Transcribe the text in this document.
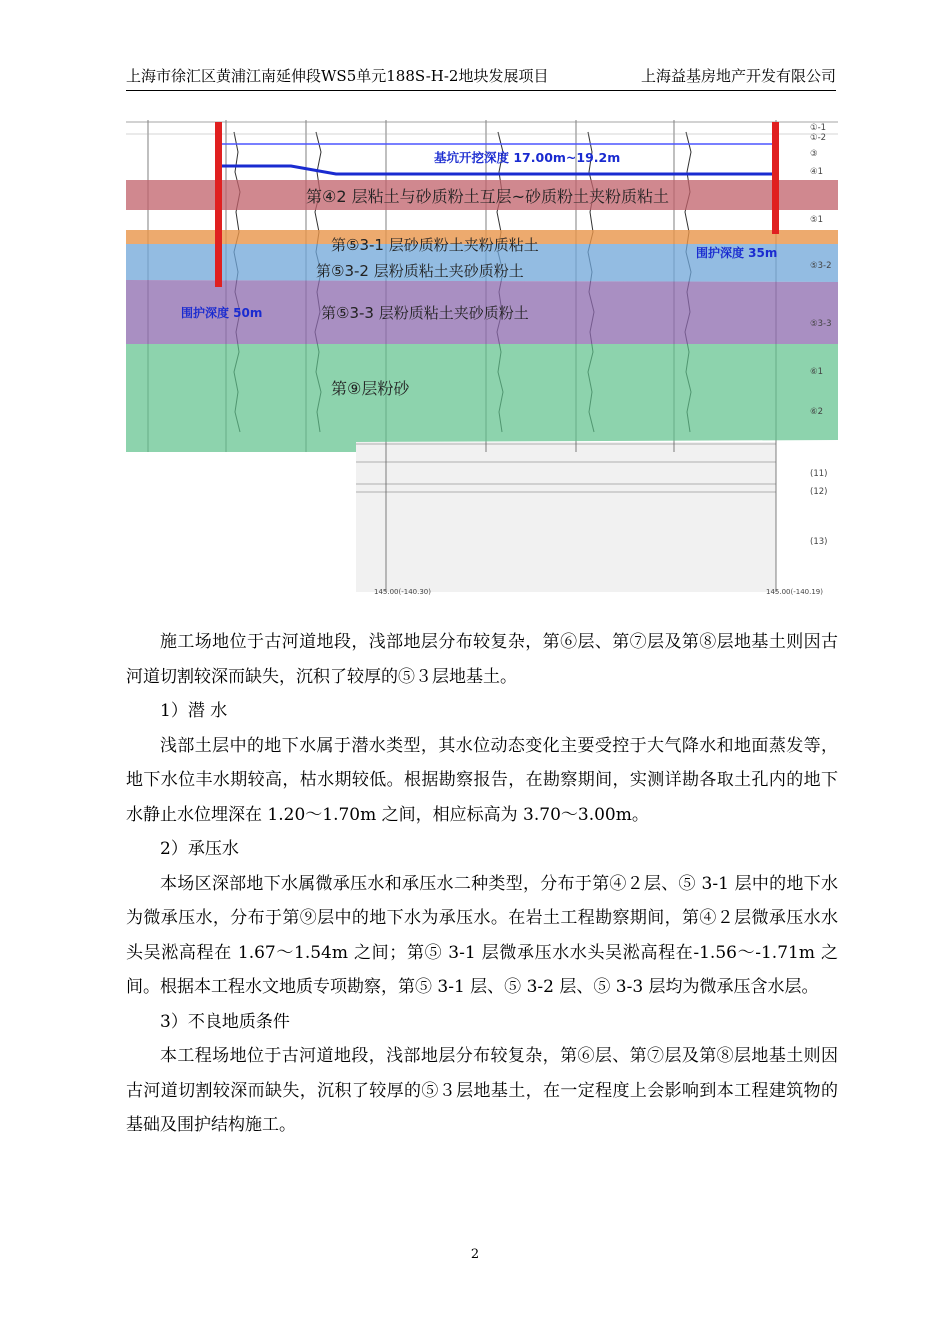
上海市徐汇区黄浦江南延伸段WS5单元188S-H-2地块发展项目	上海益基房地产开发有限公司
基坑开挖深度 17.00m~19.2m
第④2 层粘土与砂质粉土互层~砂质粉土夹粉质粘土
第⑤3-1 层砂质粉土夹粉质粘土
第⑤3-2 层粉质粘土夹砂质粉土
第⑤3-3 层粉质粘土夹砂质粉土
第⑨层粉砂
围护深度 50m
围护深度 35m
①-1
①-2
③
④1
⑤1
⑤3-2
⑤3-3
⑥1
⑥2
(11)
(12)
(13)
145.00(-140.30)	145.00(-140.19)

施工场地位于古河道地段，浅部地层分布较复杂，第⑥层、第⑦层及第⑧层地基土则因古河道切割较深而缺失，沉积了较厚的⑤３层地基土。

1）潜 水

浅部土层中的地下水属于潜水类型，其水位动态变化主要受控于大气降水和地面蒸发等，地下水位丰水期较高，枯水期较低。根据勘察报告，在勘察期间，实测详勘各取土孔内的地下水静止水位埋深在 1.20～1.70m 之间，相应标高为 3.70～3.00m。

2）承压水

本场区深部地下水属微承压水和承压水二种类型，分布于第④２层、⑤ 3-1 层中的地下水为微承压水，分布于第⑨层中的地下水为承压水。在岩土工程勘察期间，第④２层微承压水水头吴淞高程在 1.67～1.54m 之间；第⑤ 3-1 层微承压水水头吴淞高程在-1.56～-1.71m 之间。根据本工程水文地质专项勘察，第⑤ 3-1 层、⑤ 3-2 层、⑤ 3-3 层均为微承压含水层。

3）不良地质条件

本工程场地位于古河道地段，浅部地层分布较复杂，第⑥层、第⑦层及第⑧层地基土则因古河道切割较深而缺失，沉积了较厚的⑤３层地基土，在一定程度上会影响到本工程建筑物的基础及围护结构施工。

2
